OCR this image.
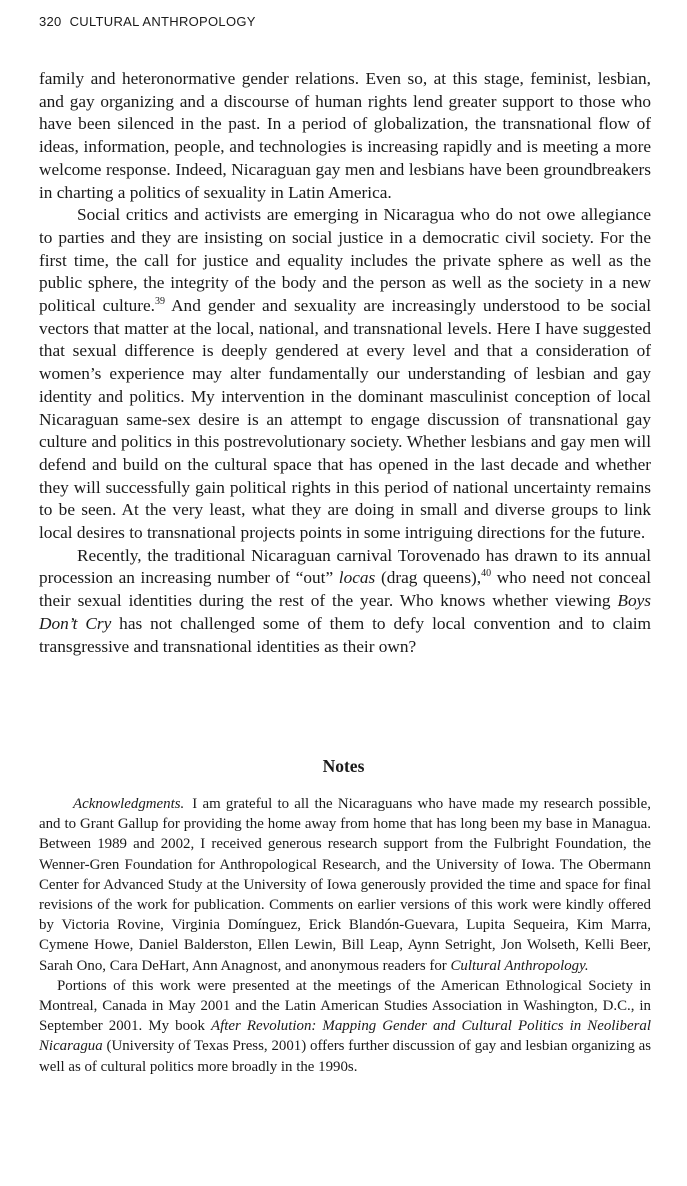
320 CULTURAL ANTHROPOLOGY

family and heteronormative gender relations. Even so, at this stage, feminist, lesbian, and gay organizing and a discourse of human rights lend greater support to those who have been silenced in the past. In a period of globalization, the transnational flow of ideas, information, people, and technologies is increasing rapidly and is meeting a more welcome response. Indeed, Nicaraguan gay men and lesbians have been groundbreakers in charting a politics of sexuality in Latin America.

Social critics and activists are emerging in Nicaragua who do not owe allegiance to parties and they are insisting on social justice in a democratic civil society. For the first time, the call for justice and equality includes the private sphere as well as the public sphere, the integrity of the body and the person as well as the society in a new political culture.$^{39}$ And gender and sexuality are increasingly understood to be social vectors that matter at the local, national, and transnational levels. Here I have suggested that sexual difference is deeply gendered at every level and that a consideration of women’s experience may alter fundamentally our understanding of lesbian and gay identity and politics. My intervention in the dominant masculinist conception of local Nicaraguan same-sex desire is an attempt to engage discussion of transnational gay culture and politics in this postrevolutionary society. Whether lesbians and gay men will defend and build on the cultural space that has opened in the last decade and whether they will successfully gain political rights in this period of national uncertainty remains to be seen. At the very least, what they are doing in small and diverse groups to link local desires to transnational projects points in some intriguing directions for the future.

Recently, the traditional Nicaraguan carnival Torovenado has drawn to its annual procession an increasing number of “out” locas (drag queens),$^{40}$ who need not conceal their sexual identities during the rest of the year. Who knows whether viewing Boys Don’t Cry has not challenged some of them to defy local convention and to claim transgressive and transnational identities as their own?

Notes

Acknowledgments. I am grateful to all the Nicaraguans who have made my research possible, and to Grant Gallup for providing the home away from home that has long been my base in Managua. Between 1989 and 2002, I received generous research support from the Fulbright Foundation, the Wenner-Gren Foundation for Anthropological Research, and the University of Iowa. The Obermann Center for Advanced Study at the University of Iowa generously provided the time and space for final revisions of the work for publication. Comments on earlier versions of this work were kindly offered by Victoria Rovine, Virginia Domínguez, Erick Blandón-Guevara, Lupita Sequeira, Kim Marra, Cymene Howe, Daniel Balderston, Ellen Lewin, Bill Leap, Aynn Setright, Jon Wolseth, Kelli Beer, Sarah Ono, Cara DeHart, Ann Anagnost, and anonymous readers for Cultural Anthropology.

Portions of this work were presented at the meetings of the American Ethnological Society in Montreal, Canada in May 2001 and the Latin American Studies Association in Washington, D.C., in September 2001. My book After Revolution: Mapping Gender and Cultural Politics in Neoliberal Nicaragua (University of Texas Press, 2001) offers further discussion of gay and lesbian organizing as well as of cultural politics more broadly in the 1990s.
